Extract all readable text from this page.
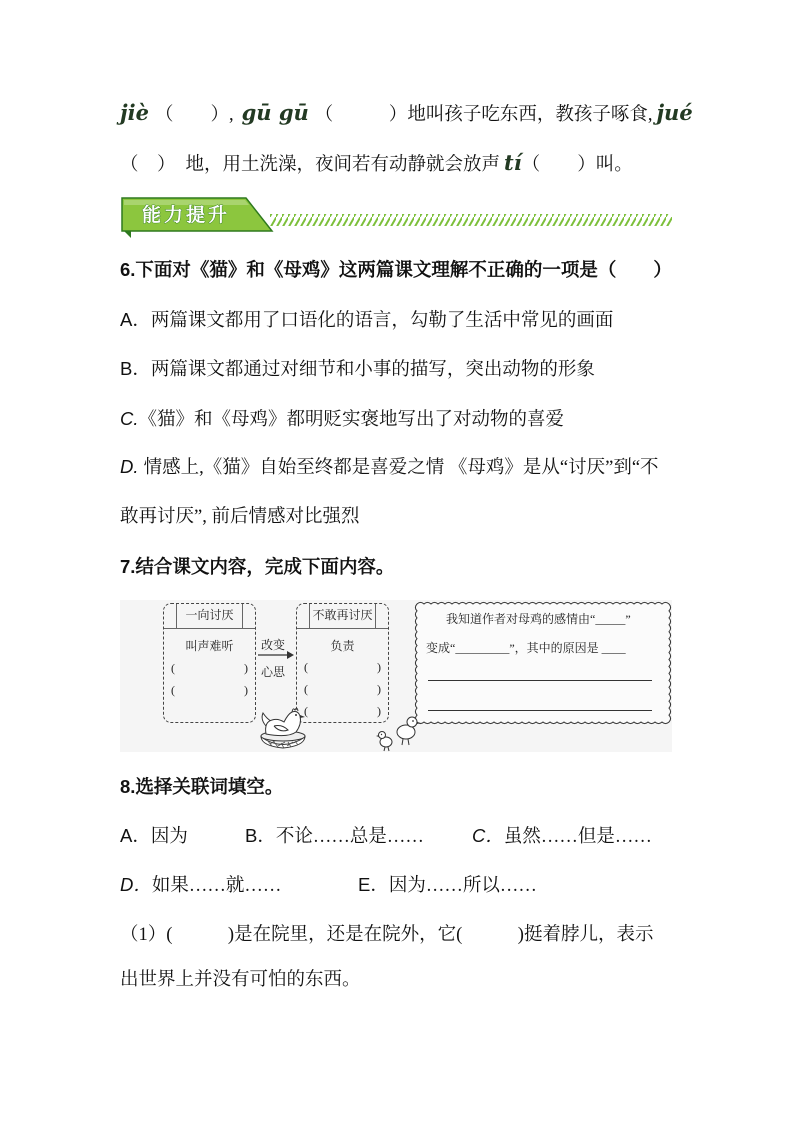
jiè （　　）, gū gū （　　　）地叫孩子吃东西，教孩子啄食, jué
（　） 地，用土洗澡，夜间若有动静就会放声 tí（　　）叫。
能力提升
6.下面对《猫》和《母鸡》这两篇课文理解不正确的一项是（　　）
A．两篇课文都用了口语化的语言，勾勒了生活中常见的画面
B．两篇课文都通过对细节和小事的描写，突出动物的形象
C.《猫》和《母鸡》都明贬实褒地写出了对动物的喜爱
D. 情感上,《猫》自始至终都是喜爱之情 《母鸡》是从“讨厌”到“不
敢再讨厌”, 前后情感对比强烈
7.结合课文内容，完成下面内容。
一向讨厌
叫声难听
(	)
(	)
改变
心思
不敢再讨厌
负责
(	)
(	)
(	)
我知道作者对母鸡的感情由“_____”
变成“_________”，其中的原因是 ____
8.选择关联词填空。
A．因为	B．不论……总是……	C．虽然……但是……
D．如果……就……	E．因为……所以……
（1）(　　　)是在院里，还是在院外，它(　　　)挺着脖儿，表示
出世界上并没有可怕的东西。
